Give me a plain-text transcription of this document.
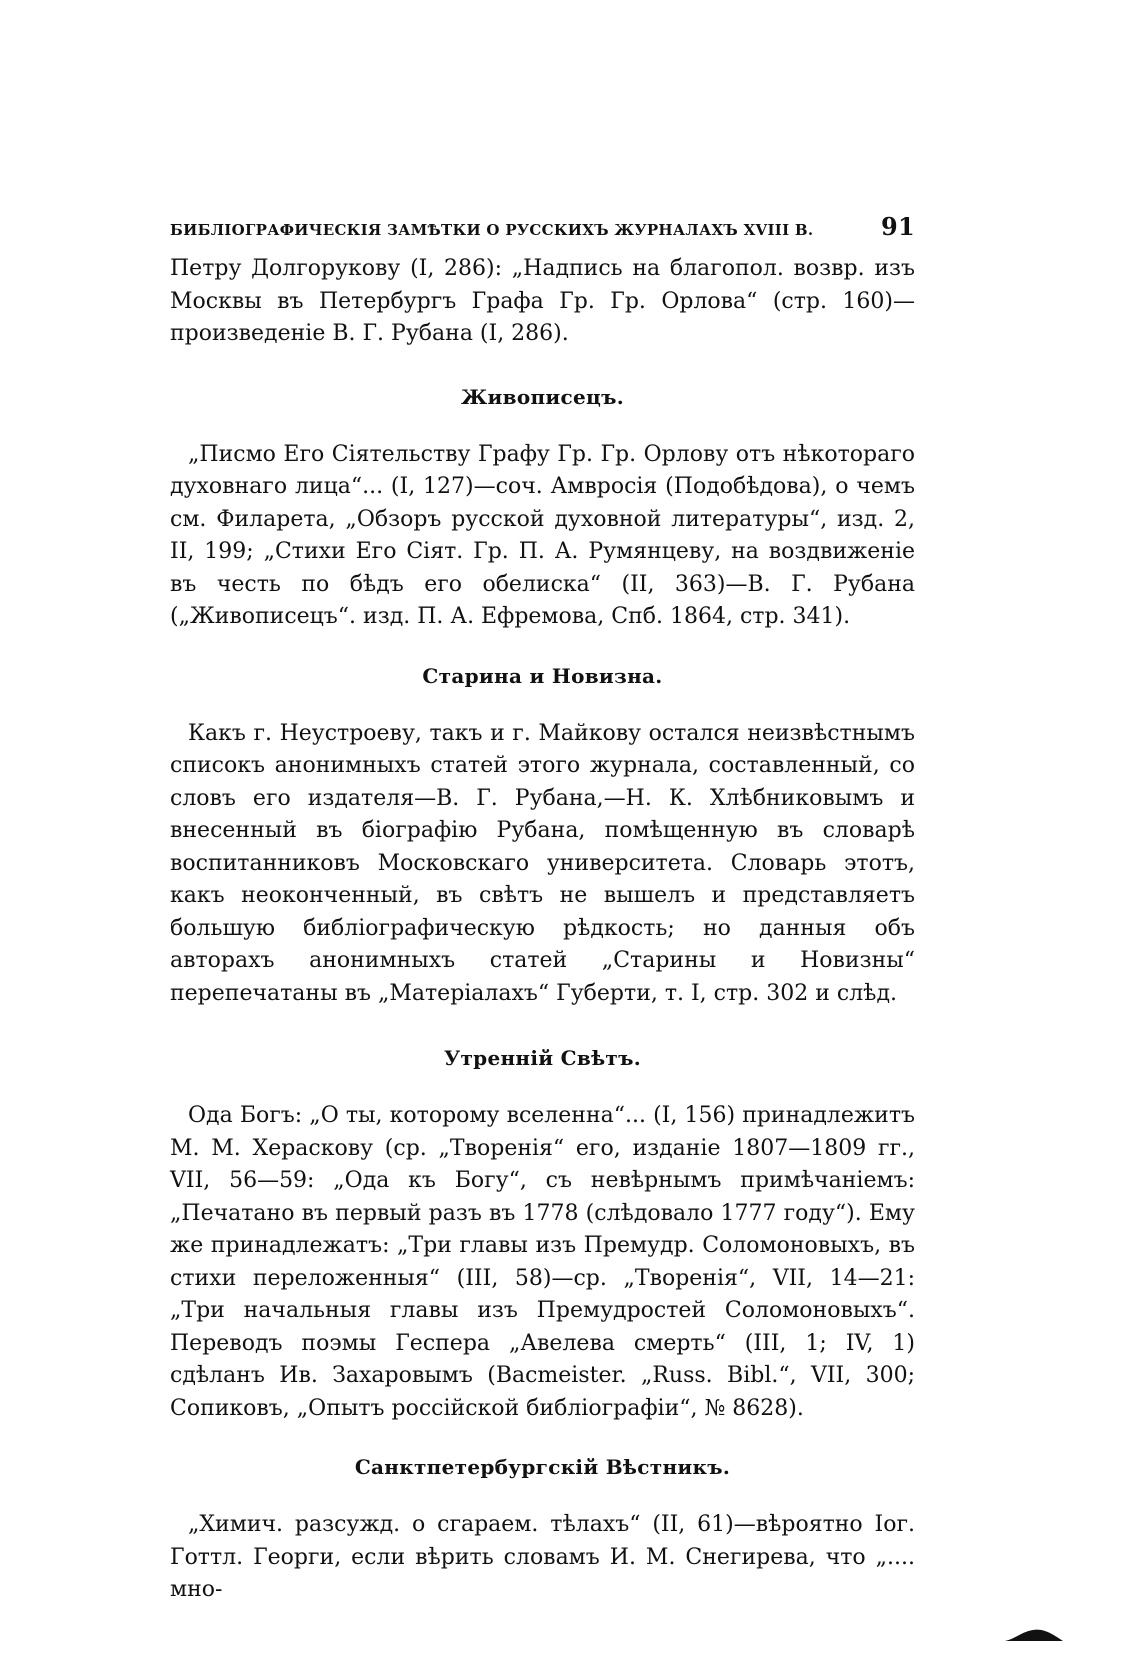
БИБЛІОГРАФИЧЕСКІЯ ЗАМѢТКИ О РУССКИХЪ ЖУРНАЛАХЪ XVIII В.	91

Петру Долгорукову (I, 286): „Надпись на благопол. возвр. изъ Москвы въ Петербургъ Графа Гр. Гр. Орлова“ (стр. 160)—произведеніе В. Г. Рубана (I, 286).

Живописецъ.

„Писмо Его Сіятельству Графу Гр. Гр. Орлову отъ нѣкотораго духовнаго лица“... (I, 127)—соч. Амвросія (Подобѣдова), о чемъ см. Филарета, „Обзоръ русской духовной литературы“, изд. 2, II, 199; „Стихи Его Сіят. Гр. П. А. Румянцеву, на воздвиженіе въ честь по бѣдъ его обелиска“ (II, 363)—В. Г. Рубана („Живописецъ“. изд. П. А. Ефремова, Спб. 1864, стр. 341).

Старина и Новизна.

Какъ г. Неустроеву, такъ и г. Майкову остался неизвѣстнымъ списокъ анонимныхъ статей этого журнала, составленный, со словъ его издателя—В. Г. Рубана,—Н. К. Хлѣбниковымъ и внесенный въ біографію Рубана, помѣщенную въ словарѣ воспитанниковъ Московскаго университета. Словарь этотъ, какъ неоконченный, въ свѣтъ не вышелъ и представляетъ большую библіографическую рѣдкость; но данныя объ авторахъ анонимныхъ статей „Старины и Новизны“ перепечатаны въ „Матеріалахъ“ Губерти, т. I, стр. 302 и слѣд.

Утренній Свѣтъ.

Ода Богъ: „О ты, которому вселенна“... (I, 156) принадлежитъ М. М. Хераскову (ср. „Творенія“ его, изданіе 1807—1809 гг., VII, 56—59: „Ода къ Богу“, съ невѣрнымъ примѣчаніемъ: „Печатано въ первый разъ въ 1778 (слѣдовало 1777 году“). Ему же принадлежатъ: „Три главы изъ Премудр. Соломоновыхъ, въ стихи переложенныя“ (III, 58)—ср. „Творенія“, VII, 14—21: „Три начальныя главы изъ Премудростей Соломоновыхъ“. Переводъ поэмы Геспера „Авелева смерть“ (III, 1; IV, 1) сдѣланъ Ив. Захаровымъ (Bacmeister. „Russ. Bibl.“, VII, 300; Сопиковъ, „Опытъ россійской библіографіи“, № 8628).

Санктпетербургскій Вѣстникъ.

„Химич. разсужд. о сгараем. тѣлахъ“ (II, 61)—вѣроятно Іог. Готтл. Георги, если вѣрить словамъ И. М. Снегирева, что „.... мно-
